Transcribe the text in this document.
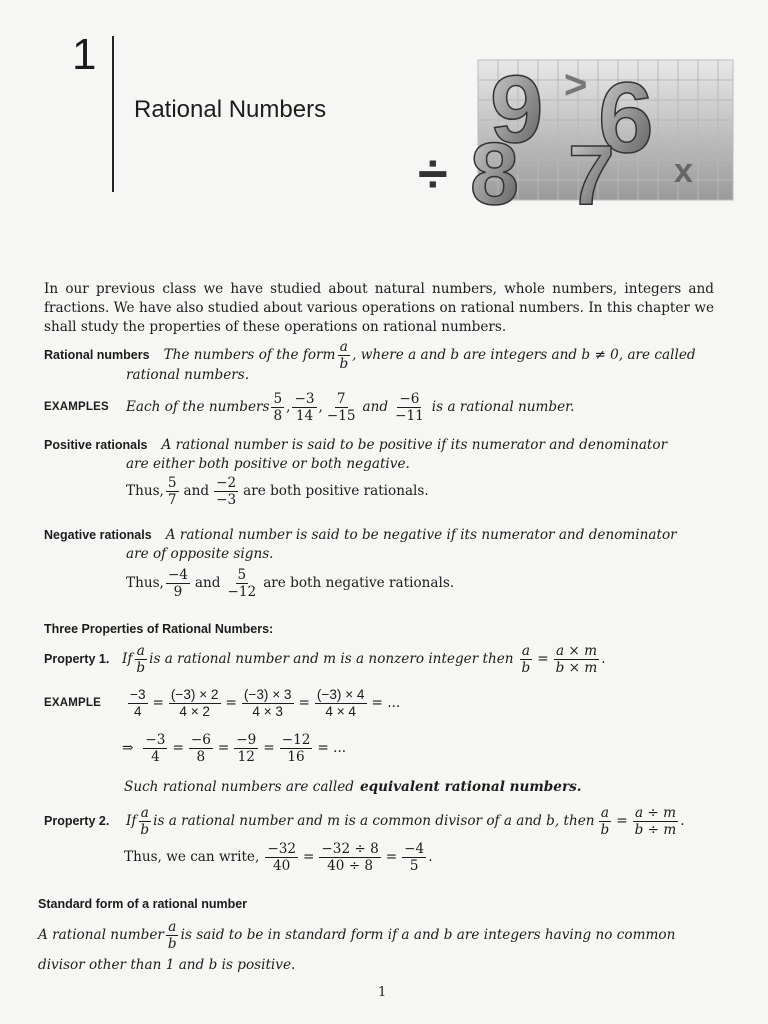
1
Rational Numbers 9
8
> 6
7
÷	x
In our previous class we have studied about natural numbers, whole numbers, integers and fractions. We have also studied about various operations on rational numbers. In this chapter we shall study the properties of these operations on rational numbers.
Rational numbers The numbers of the form $\frac{a}{b}$ , where a and b are integers and b ≠ 0, are called
rational numbers.
EXAMPLES	Each of the numbers $\frac{5}{8}$ , $\frac{-3}{14}$ , $\frac{7}{-15}$ and $\frac{-6}{-11}$ is a rational number.
Positive rationals A rational number is said to be positive if its numerator and denominator
are either both positive or both negative.
Thus, $\frac{5}{7}$ and $\frac{-2}{-3}$ are both positive rationals.
Negative rationals A rational number is said to be negative if its numerator and denominator
are of opposite signs.
Thus, $\frac{-4}{9}$ and $\frac{5}{-12}$ are both negative rationals.
Three Properties of Rational Numbers:
Property 1. If $\frac{a}{b}$ is a rational number and m is a nonzero integer then $\frac{a}{b} = \frac{a \times m}{b \times m}$ .
EXAMPLE	$\frac{-3}{4} = \frac{(-3) \times 2}{4 \times 2} = \frac{(-3) \times 3}{4 \times 3} = \frac{(-3) \times 4}{4 \times 4}$ = ...
⇒ $\frac{-3}{4} = \frac{-6}{8} = \frac{-9}{12} = \frac{-12}{16}$ = ...
Such rational numbers are called equivalent rational numbers.
Property 2.	If $\frac{a}{b}$ is a rational number and m is a common divisor of a and b, then $\frac{a}{b} = \frac{a \div m}{b \div m}$ .
Thus, we can write, $\frac{-32}{40} = \frac{-32 \div 8}{40 \div 8} = \frac{-4}{5}$ .
Standard form of a rational number
A rational number $\frac{a}{b}$ is said to be in standard form if a and b are integers having no common
divisor other than 1 and b is positive.
1
